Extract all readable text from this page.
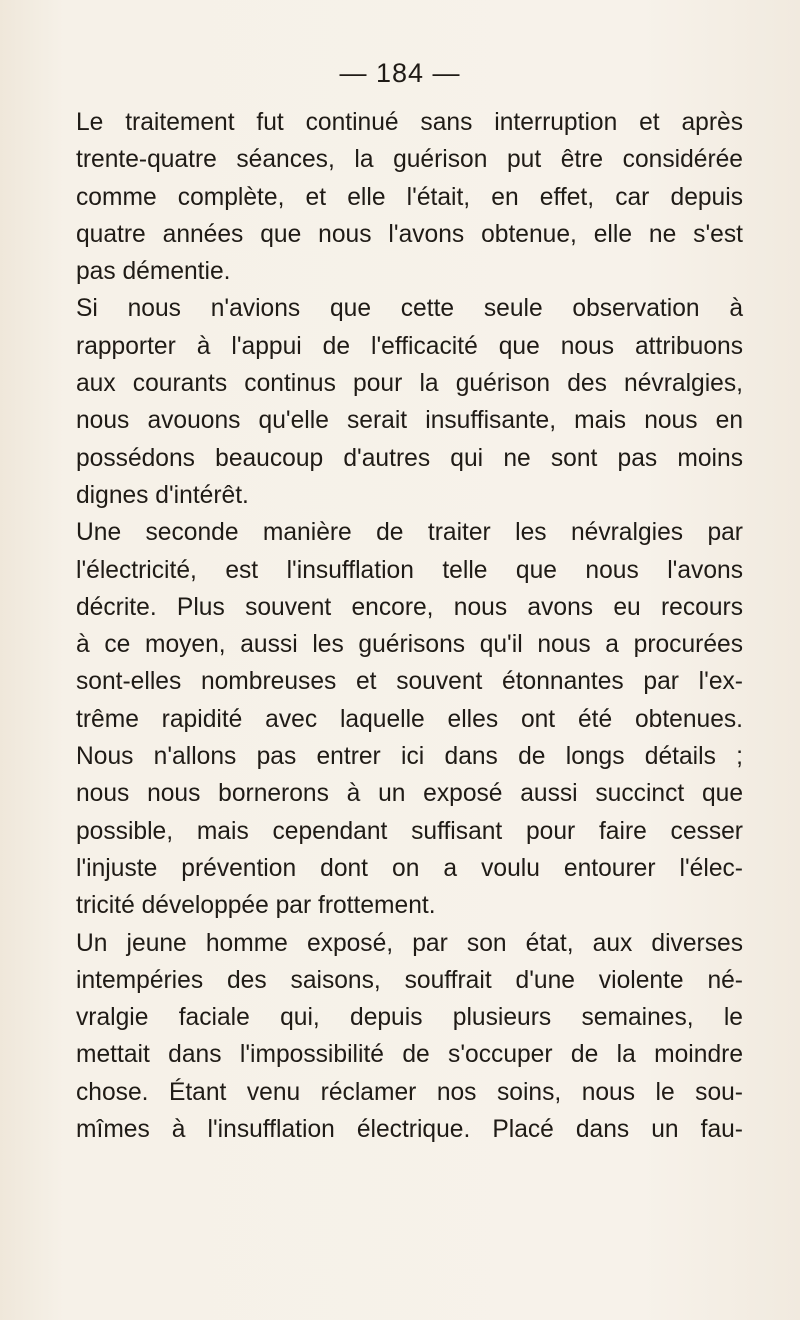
— 184 —
Le traitement fut continué sans interruption et après
trente-quatre séances, la guérison put être considérée
comme complète, et elle l'était, en effet, car depuis
quatre années que nous l'avons obtenue, elle ne s'est
pas démentie.
Si nous n'avions que cette seule observation à
rapporter à l'appui de l'efficacité que nous attribuons
aux courants continus pour la guérison des névralgies,
nous avouons qu'elle serait insuffisante, mais nous en
possédons beaucoup d'autres qui ne sont pas moins
dignes d'intérêt.
Une seconde manière de traiter les névralgies par
l'électricité, est l'insufflation telle que nous l'avons
décrite. Plus souvent encore, nous avons eu recours
à ce moyen, aussi les guérisons qu'il nous a procurées
sont-elles nombreuses et souvent étonnantes par l'ex-
trême rapidité avec laquelle elles ont été obtenues.
Nous n'allons pas entrer ici dans de longs détails ;
nous nous bornerons à un exposé aussi succinct que
possible, mais cependant suffisant pour faire cesser
l'injuste prévention dont on a voulu entourer l'élec-
tricité développée par frottement.
Un jeune homme exposé, par son état, aux diverses
intempéries des saisons, souffrait d'une violente né-
vralgie faciale qui, depuis plusieurs semaines, le
mettait dans l'impossibilité de s'occuper de la moindre
chose. Étant venu réclamer nos soins, nous le sou-
mîmes à l'insufflation électrique. Placé dans un fau-
